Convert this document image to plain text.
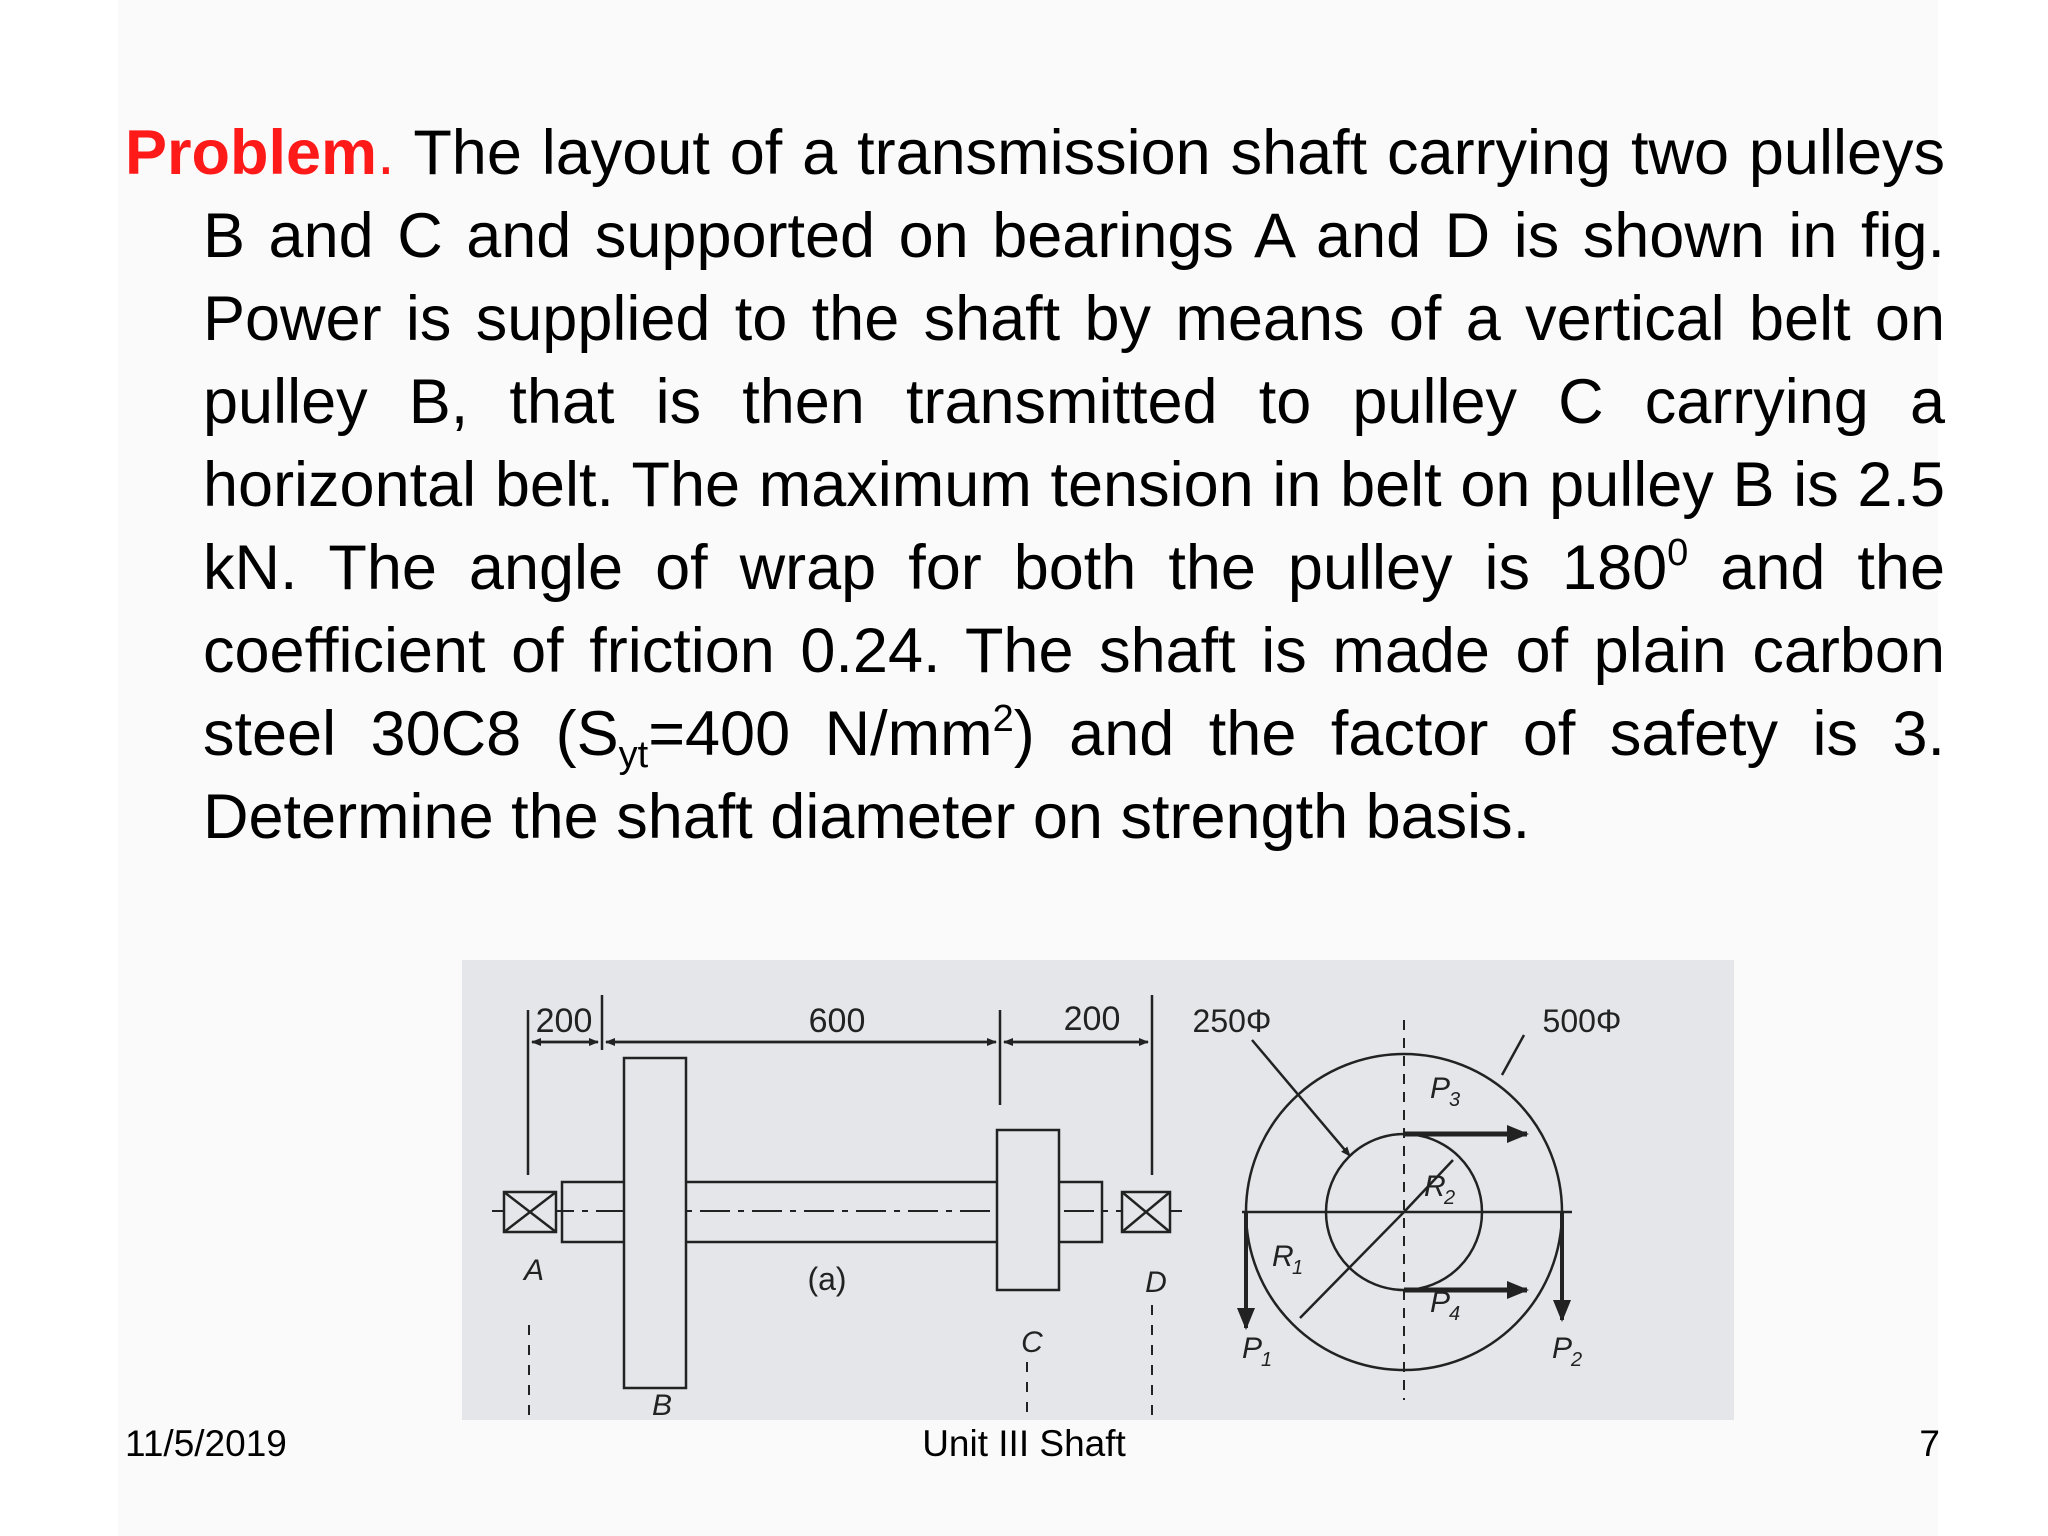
Problem. The layout of a transmission shaft carrying two pulleys B and C and supported on bearings A and D is shown in fig. Power is supplied to the shaft by means of a vertical belt on pulley B, that is then transmitted to pulley C carrying a horizontal belt. The maximum tension in belt on pulley B is 2.5 kN. The angle of wrap for both the pulley is $180^0$ and the coefficient of friction 0.24. The shaft is made of plain carbon steel 30C8 ($S_{yt}=400$ $N/mm^2$) and the factor of safety is 3. Determine the shaft diameter on strength basis.

200	600	200
A
B
C
D
(a)
250Φ	500Φ
P
3
R
2
R
1
P
4
P
1	P
2
11/5/2019	Unit III Shaft	7
